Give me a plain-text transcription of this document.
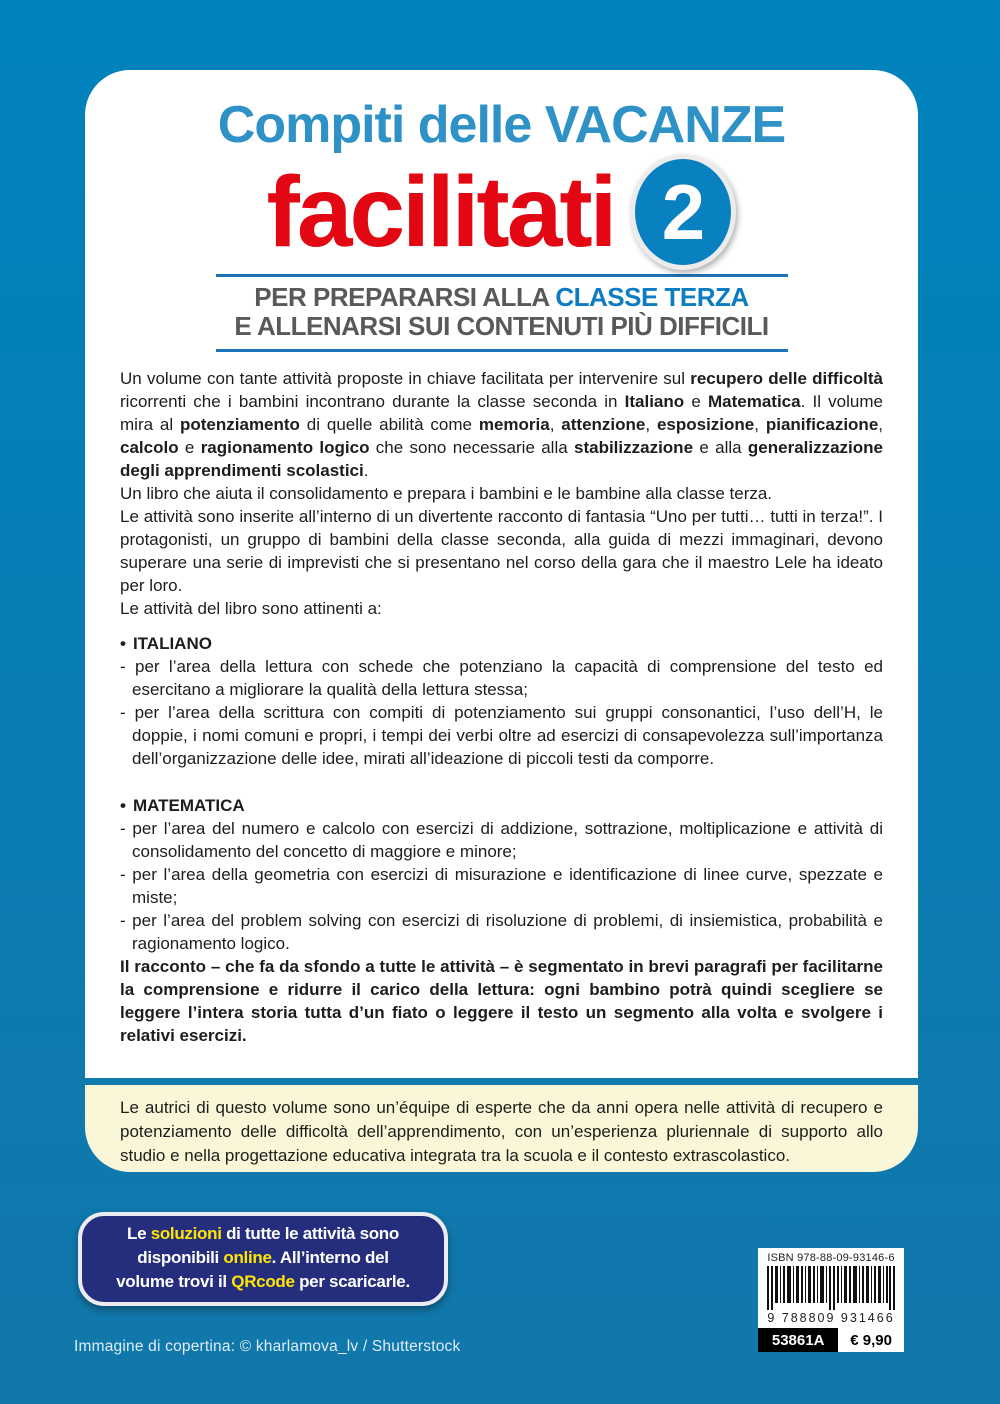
Compiti delle VACANZE
facilitati 2

PER PREPARARSI ALLA CLASSE TERZA

E ALLENARSI SUI CONTENUTI PIÙ DIFFICILI

Un volume con tante attività proposte in chiave facilitata per intervenire sul recupero delle difficoltà ricorrenti che i bambini incontrano durante la classe seconda in Italiano e Matematica. Il volume mira al potenziamento di quelle abilità come memoria, attenzione, esposizione, pianificazione, calcolo e ragionamento logico che sono necessarie alla stabilizzazione e alla generalizzazione degli apprendimenti scolastici.

Un libro che aiuta il consolidamento e prepara i bambini e le bambine alla classe terza.

Le attività sono inserite all’interno di un divertente racconto di fantasia “Uno per tutti… tutti in terza!”. I protagonisti, un gruppo di bambini della classe seconda, alla guida di mezzi immaginari, devono superare una serie di imprevisti che si presentano nel corso della gara che il maestro Lele ha ideato per loro.

Le attività del libro sono attinenti a:

• ITALIANO
- per l’area della lettura con schede che potenziano la capacità di comprensione del testo ed esercitano a migliorare la qualità della lettura stessa;
- per l’area della scrittura con compiti di potenziamento sui gruppi consonantici, l’uso dell’H, le doppie, i nomi comuni e propri, i tempi dei verbi oltre ad esercizi di consapevolezza sull’importanza dell’organizzazione delle idee, mirati all’ideazione di piccoli testi da comporre.
• MATEMATICA
- per l’area del numero e calcolo con esercizi di addizione, sottrazione, moltiplicazione e attività di consolidamento del concetto di maggiore e minore;
- per l’area della geometria con esercizi di misurazione e identificazione di linee curve, spezzate e miste;
- per l’area del problem solving con esercizi di risoluzione di problemi, di insiemistica, probabilità e ragionamento logico.

Il racconto – che fa da sfondo a tutte le attività – è segmentato in brevi paragrafi per facilitarne la comprensione e ridurre il carico della lettura: ogni bambino potrà quindi scegliere se leggere l’intera storia tutta d’un fiato o leggere il testo un segmento alla volta e svolgere i relativi esercizi.

Le autrici di questo volume sono un’équipe di esperte che da anni opera nelle attività di recupero e potenziamento delle difficoltà dell’apprendimento, con un’esperienza pluriennale di supporto allo studio e nella progettazione educativa integrata tra la scuola e il contesto extrascolastico.

Le soluzioni di tutte le attività sono
disponibili online. All’interno del
volume trovi il QRcode per scaricarle.
ISBN 978-88-09-93146-6
9 788809 931466
53861A	€ 9,90

Immagine di copertina: © kharlamova_lv / Shutterstock
